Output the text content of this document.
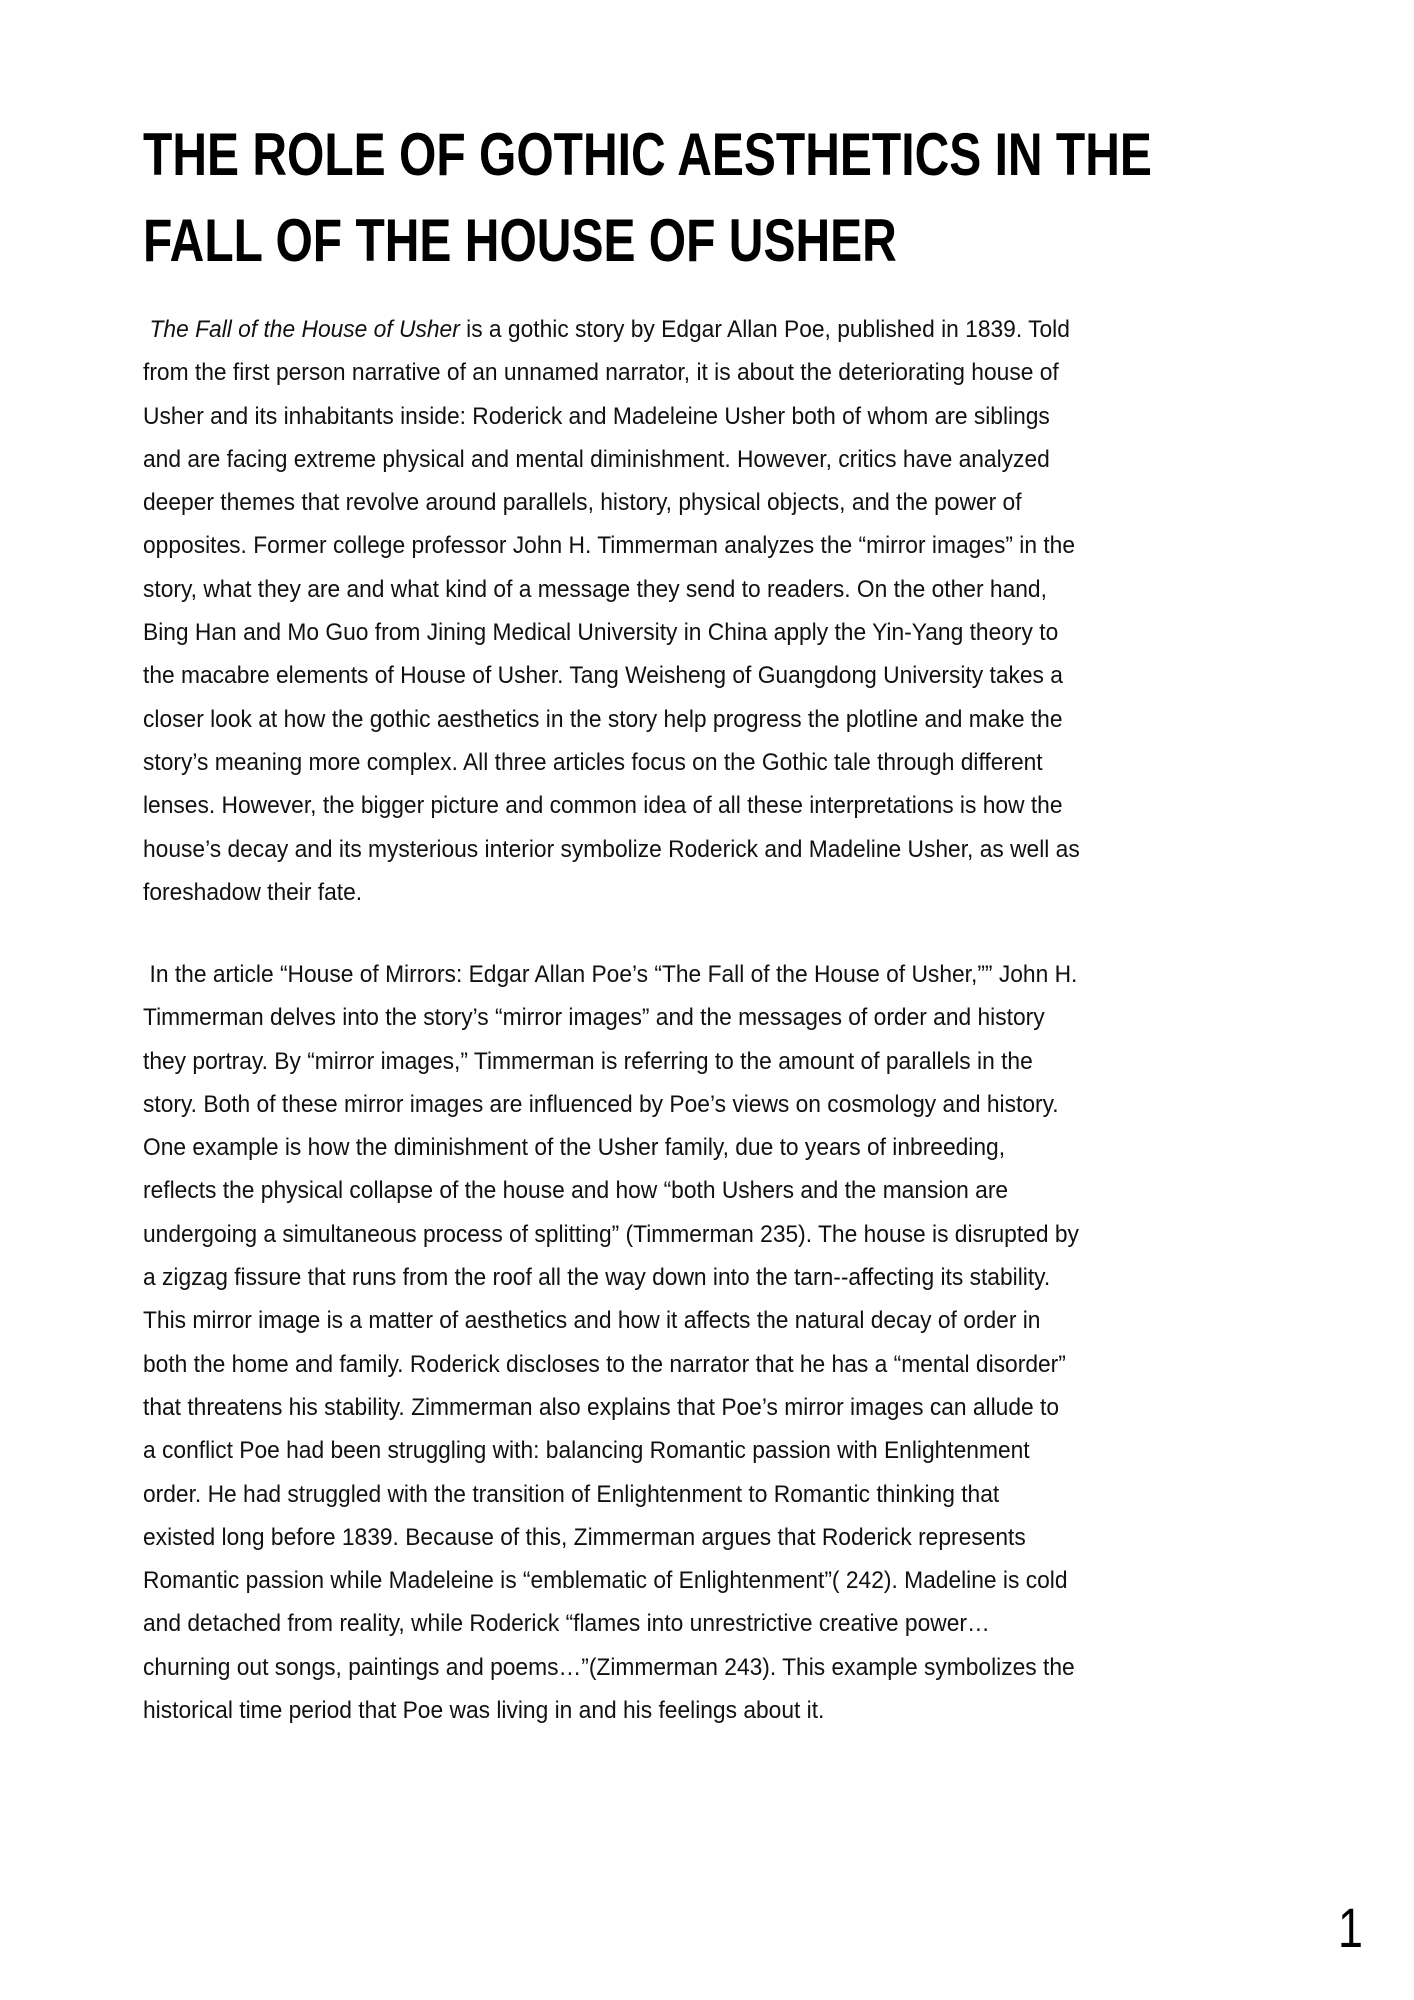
THE ROLE OF GOTHIC AESTHETICS IN THE
FALL OF THE HOUSE OF USHER

The Fall of the House of Usher is a gothic story by Edgar Allan Poe, published in 1839. Told
from the first person narrative of an unnamed narrator, it is about the deteriorating house of
Usher and its inhabitants inside: Roderick and Madeleine Usher both of whom are siblings
and are facing extreme physical and mental diminishment. However, critics have analyzed
deeper themes that revolve around parallels, history, physical objects, and the power of
opposites. Former college professor John H. Timmerman analyzes the “mirror images” in the
story, what they are and what kind of a message they send to readers. On the other hand,
Bing Han and Mo Guo from Jining Medical University in China apply the Yin-Yang theory to
the macabre elements of House of Usher. Tang Weisheng of Guangdong University takes a
closer look at how the gothic aesthetics in the story help progress the plotline and make the
story’s meaning more complex. All three articles focus on the Gothic tale through different
lenses. However, the bigger picture and common idea of all these interpretations is how the
house’s decay and its mysterious interior symbolize Roderick and Madeline Usher, as well as
foreshadow their fate.

In the article “House of Mirrors: Edgar Allan Poe’s “The Fall of the House of Usher,”” John H.
Timmerman delves into the story’s “mirror images” and the messages of order and history
they portray. By “mirror images,” Timmerman is referring to the amount of parallels in the
story. Both of these mirror images are influenced by Poe’s views on cosmology and history.
One example is how the diminishment of the Usher family, due to years of inbreeding,
reflects the physical collapse of the house and how “both Ushers and the mansion are
undergoing a simultaneous process of splitting” (Timmerman 235). The house is disrupted by
a zigzag fissure that runs from the roof all the way down into the tarn--affecting its stability.
This mirror image is a matter of aesthetics and how it affects the natural decay of order in
both the home and family. Roderick discloses to the narrator that he has a “mental disorder”
that threatens his stability. Zimmerman also explains that Poe’s mirror images can allude to
a conflict Poe had been struggling with: balancing Romantic passion with Enlightenment
order. He had struggled with the transition of Enlightenment to Romantic thinking that
existed long before 1839. Because of this, Zimmerman argues that Roderick represents
Romantic passion while Madeleine is “emblematic of Enlightenment”( 242). Madeline is cold
and detached from reality, while Roderick “flames into unrestrictive creative power…
churning out songs, paintings and poems…”(Zimmerman 243). This example symbolizes the
historical time period that Poe was living in and his feelings about it.

1
